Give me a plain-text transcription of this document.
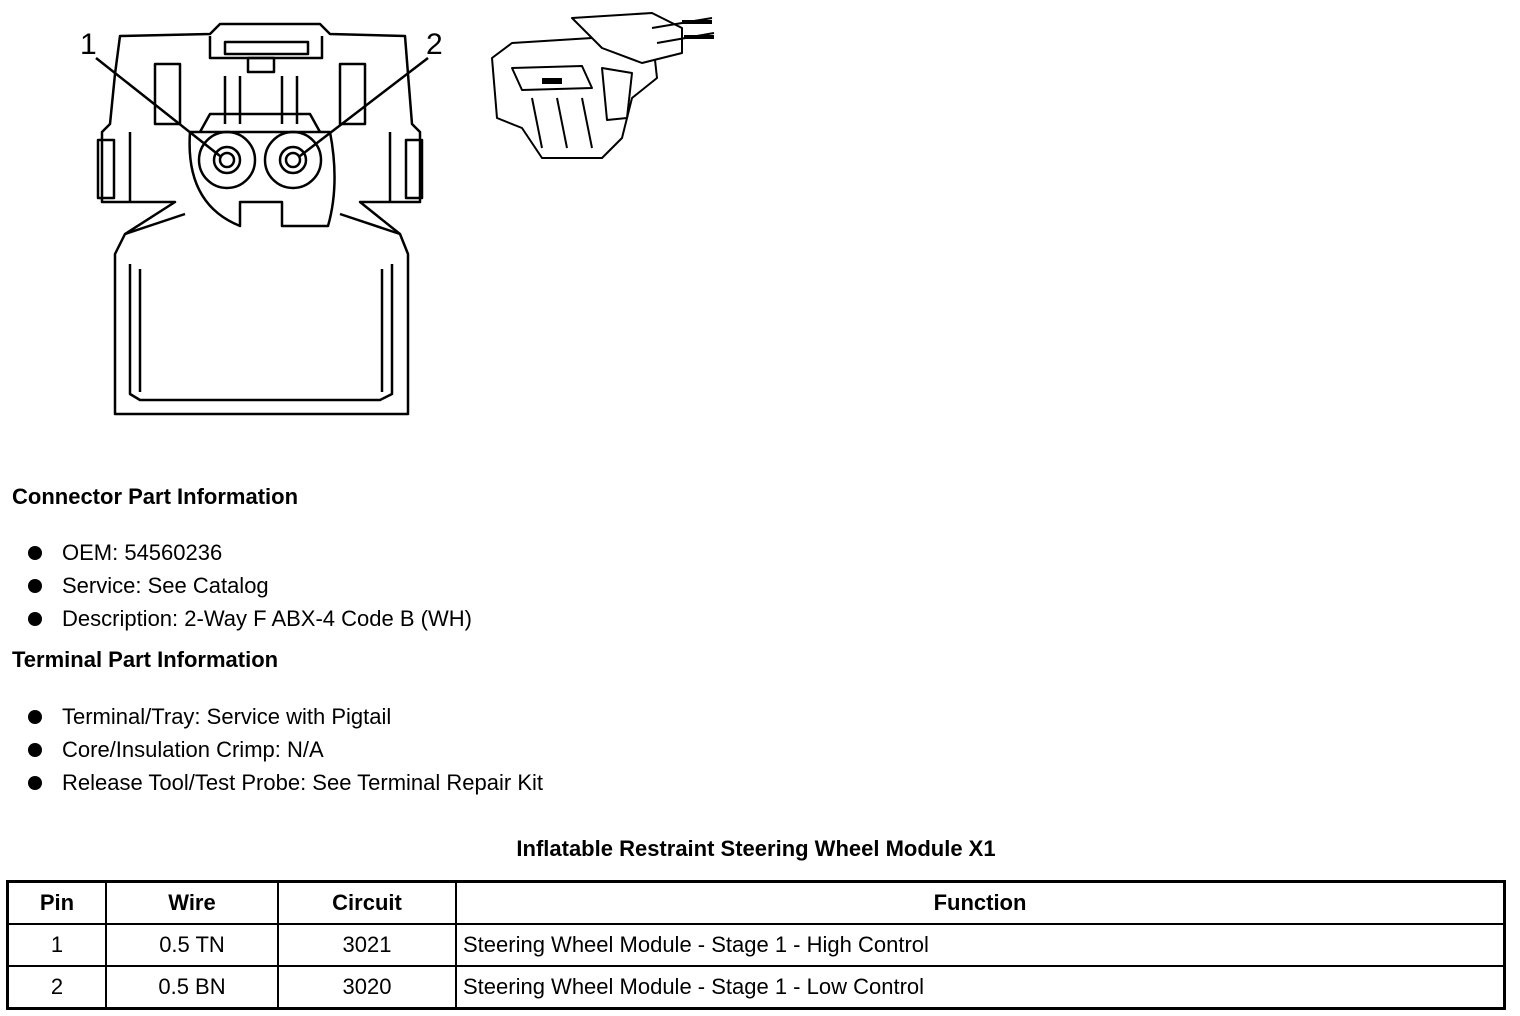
1	2
Connector Part Information
OEM: 54560236
Service: See Catalog
Description: 2-Way F ABX-4 Code B (WH)
Terminal Part Information
Terminal/Tray: Service with Pigtail
Core/Insulation Crimp: N/A
Release Tool/Test Probe: See Terminal Repair Kit
Inflatable Restraint Steering Wheel Module X1
Pin	Wire	Circuit	Function
1	0.5 TN	3021	Steering Wheel Module - Stage 1 - High Control
2	0.5 BN	3020	Steering Wheel Module - Stage 1 - Low Control
